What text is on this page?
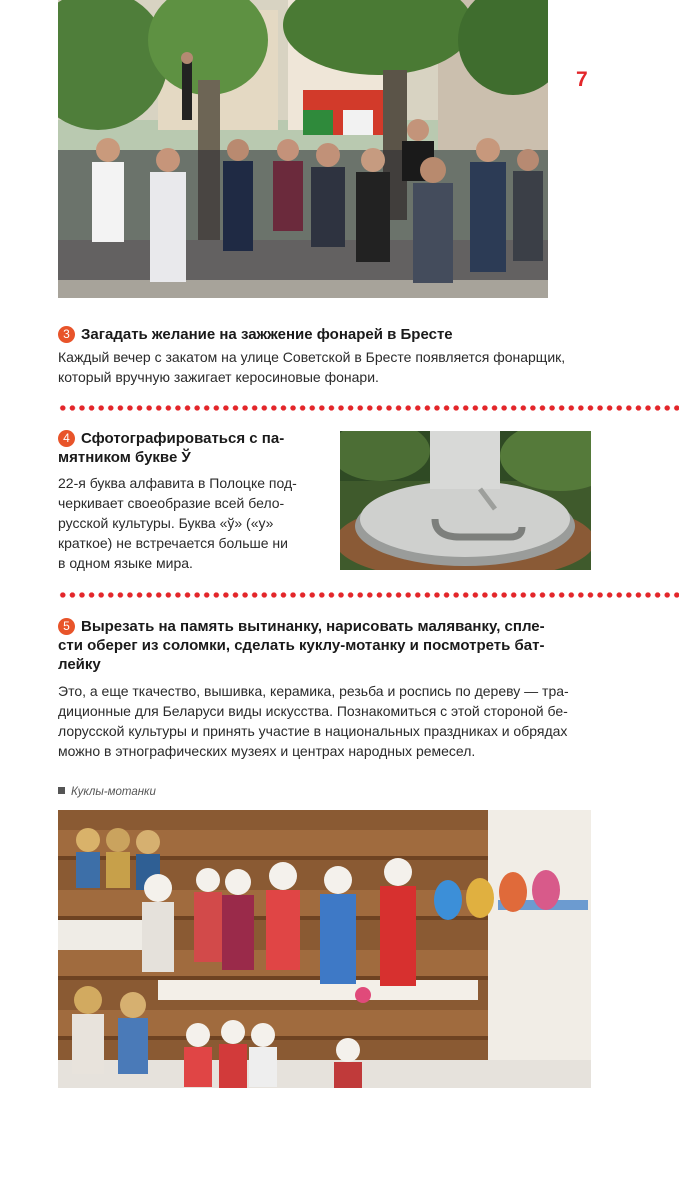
7
3 Загадать желание на зажжение фонарей в Бресте
Каждый вечер с закатом на улице Советской в Бресте появляется фонарщик,
который вручную зажигает керосиновые фонари.
4 Сфотографироваться с па-
мятником букве Ў
22-я буква алфавита в Полоцке под-
черкивает своеобразие всей бело-
русской культуры. Буква «ў» («у»
краткое) не встречается больше ни
в одном языке мира.
5 Вырезать на память вытинанку, нарисовать маляванку, спле-
сти оберег из соломки, сделать куклу-мотанку и посмотреть бат-
лейку
Это, а еще ткачество, вышивка, керамика, резьба и роспись по дереву — тра-
диционные для Беларуси виды искусства. Познакомиться с этой стороной бе-
лорусской культуры и принять участие в национальных праздниках и обрядах
можно в этнографических музеях и центрах народных ремесел.
Куклы-мотанки
